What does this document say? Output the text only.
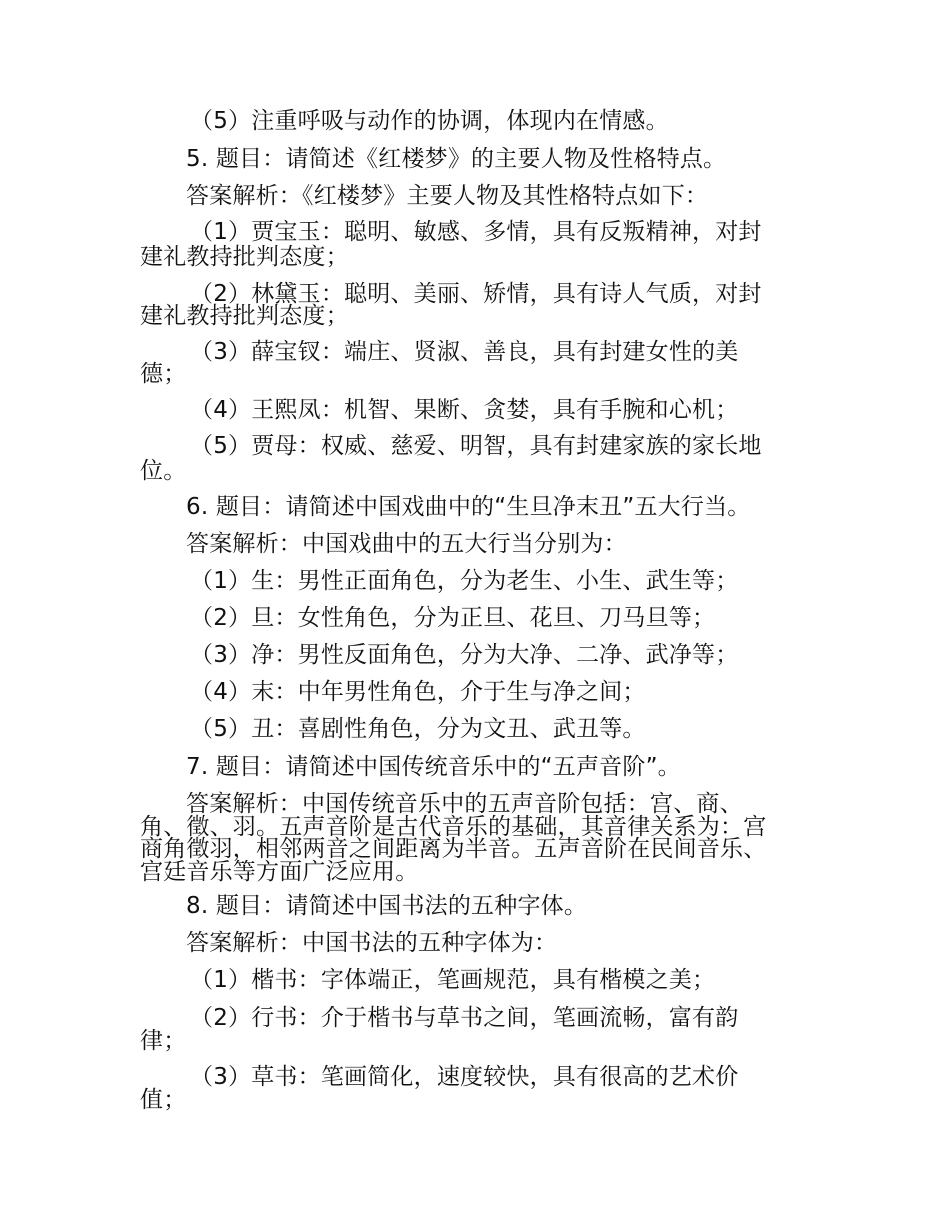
（5）注重呼吸与动作的协调，体现内在情感。
5. 题目：请简述《红楼梦》的主要人物及性格特点。
答案解析：《红楼梦》主要人物及其性格特点如下：
（1）贾宝玉：聪明、敏感、多情，具有反叛精神，对封
建礼教持批判态度；
（2）林黛玉：聪明、美丽、矫情，具有诗人气质，对封
建礼教持批判态度；
（3）薛宝钗：端庄、贤淑、善良，具有封建女性的美
德；
（4）王熙凤：机智、果断、贪婪，具有手腕和心机；
（5）贾母：权威、慈爱、明智，具有封建家族的家长地
位。
6. 题目：请简述中国戏曲中的“生旦净末丑”五大行当。
答案解析：中国戏曲中的五大行当分别为：
（1）生：男性正面角色，分为老生、小生、武生等；
（2）旦：女性角色，分为正旦、花旦、刀马旦等；
（3）净：男性反面角色，分为大净、二净、武净等；
（4）末：中年男性角色，介于生与净之间；
（5）丑：喜剧性角色，分为文丑、武丑等。
7. 题目：请简述中国传统音乐中的“五声音阶”。
答案解析：中国传统音乐中的五声音阶包括：宫、商、
角、徵、羽。五声音阶是古代音乐的基础，其音律关系为：宫
商角徵羽，相邻两音之间距离为半音。五声音阶在民间音乐、
宫廷音乐等方面广泛应用。
8. 题目：请简述中国书法的五种字体。
答案解析：中国书法的五种字体为：
（1）楷书：字体端正，笔画规范，具有楷模之美；
（2）行书：介于楷书与草书之间，笔画流畅，富有韵
律；
（3）草书：笔画简化，速度较快，具有很高的艺术价
值；
